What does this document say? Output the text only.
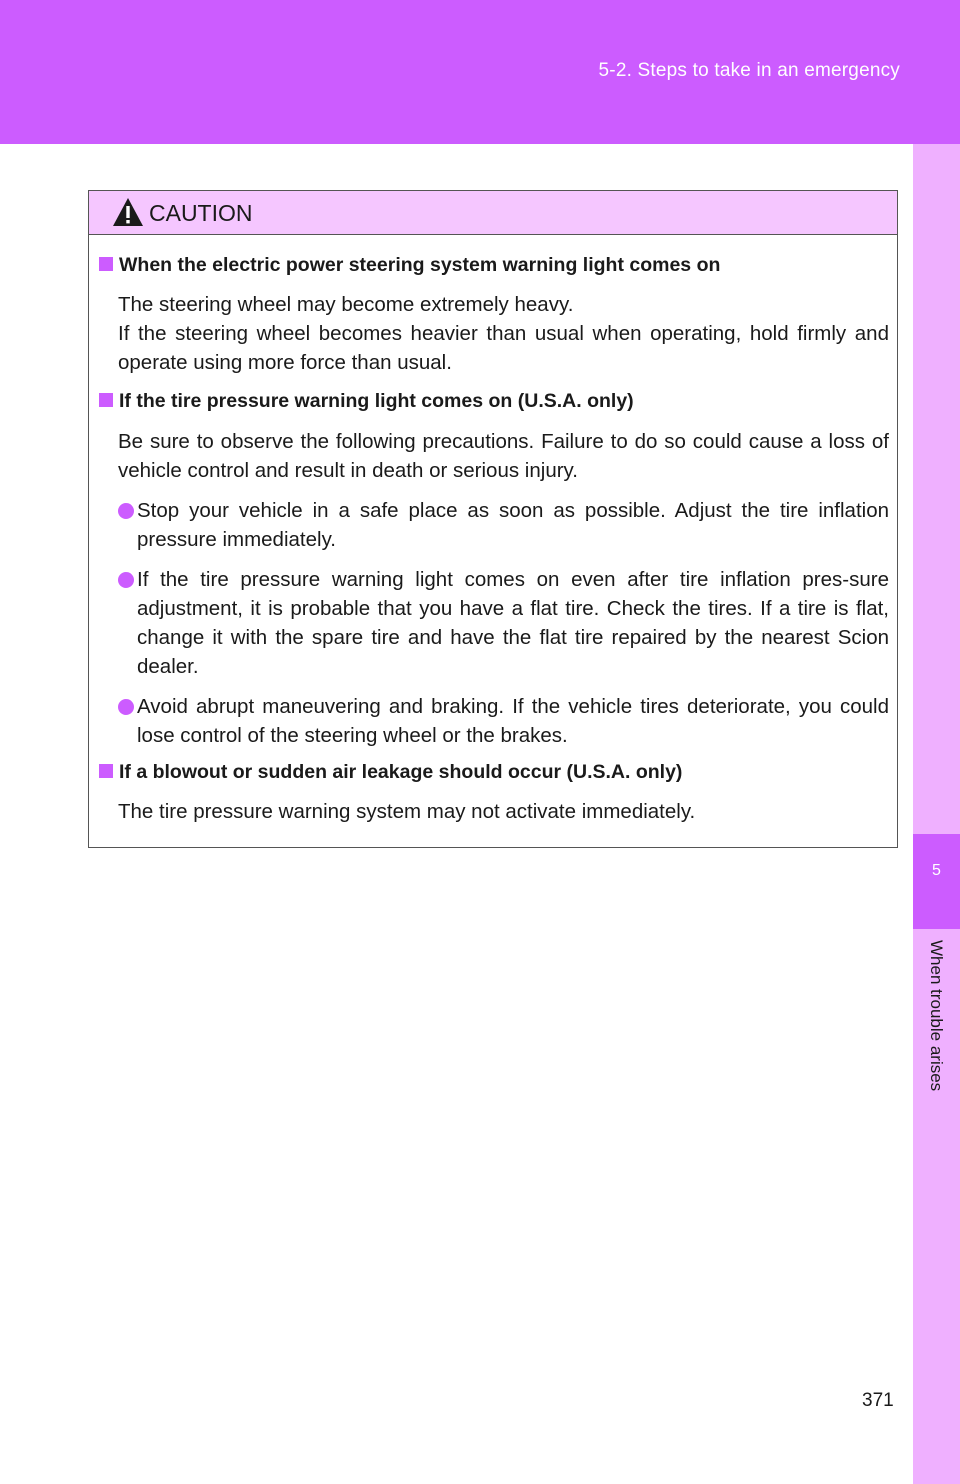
5-2. Steps to take in an emergency
5
When trouble arises
CAUTION
When the electric power steering system warning light comes on
The steering wheel may become extremely heavy.
If the steering wheel becomes heavier than usual when operating, hold firmly and operate using more force than usual.
If the tire pressure warning light comes on (U.S.A. only)
Be sure to observe the following precautions. Failure to do so could cause a loss of vehicle control and result in death or serious injury.
Stop your vehicle in a safe place as soon as possible. Adjust the tire inflation pressure immediately.
If the tire pressure warning light comes on even after tire inflation pres-sure adjustment, it is probable that you have a flat tire. Check the tires. If a tire is flat, change it with the spare tire and have the flat tire repaired by the nearest Scion dealer.
Avoid abrupt maneuvering and braking. If the vehicle tires deteriorate, you could lose control of the steering wheel or the brakes.
If a blowout or sudden air leakage should occur (U.S.A. only)
The tire pressure warning system may not activate immediately.
371
